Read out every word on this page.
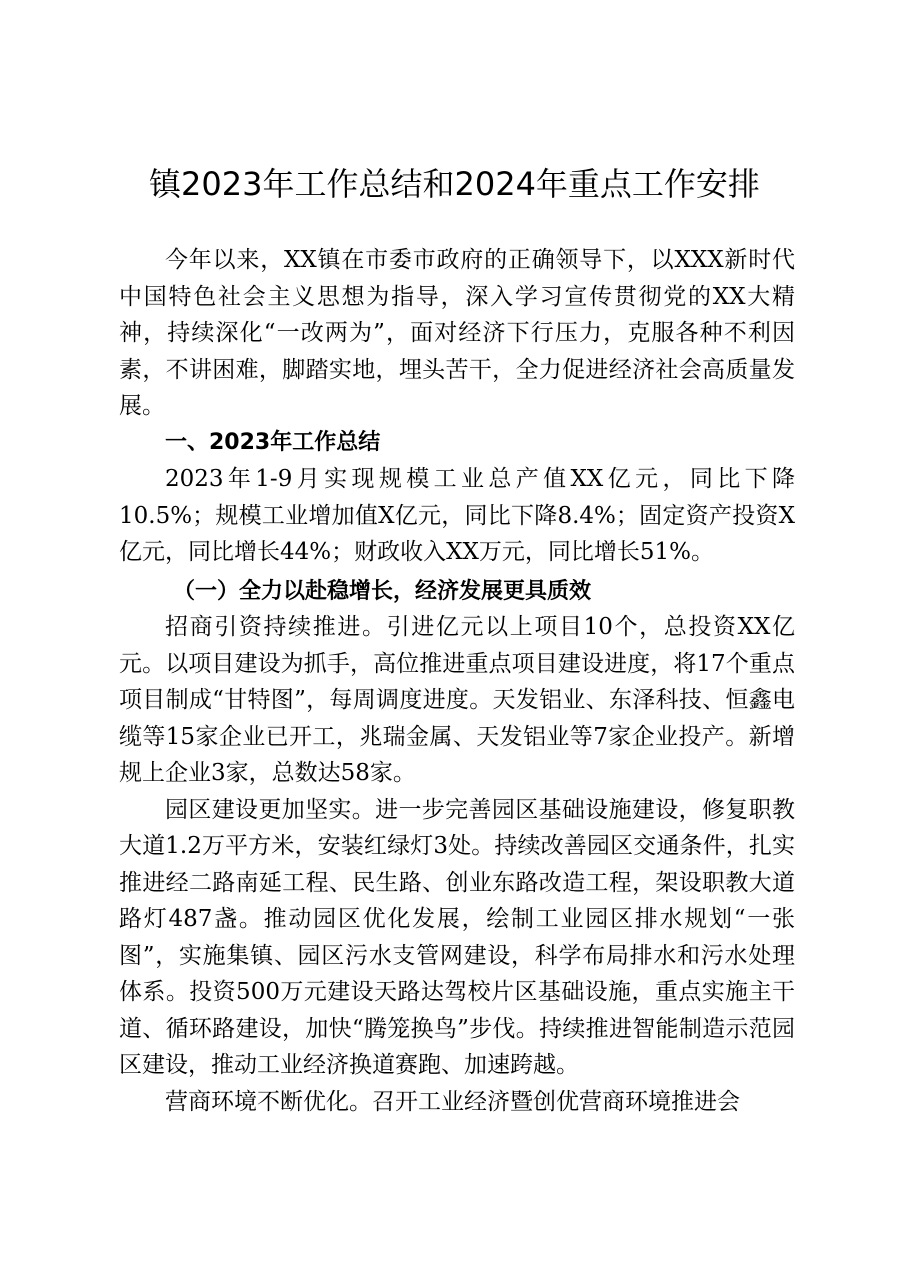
镇2023年工作总结和2024年重点工作安排

今年以来，XX镇在市委市政府的正确领导下，以XXX新时代中国特色社会主义思想为指导，深入学习宣传贯彻党的XX大精神，持续深化“一改两为”，面对经济下行压力，克服各种不利因素，不讲困难，脚踏实地，埋头苦干，全力促进经济社会高质量发展。

一、2023年工作总结

2023年1-9月实现规模工业总产值XX亿元，同比下降10.5%；规模工业增加值X亿元，同比下降8.4%；固定资产投资X亿元，同比增长44%；财政收入XX万元，同比增长51%。

（一）全力以赴稳增长，经济发展更具质效

招商引资持续推进。引进亿元以上项目10个，总投资XX亿元。以项目建设为抓手，高位推进重点项目建设进度，将17个重点项目制成“甘特图”，每周调度进度。天发铝业、东泽科技、恒鑫电缆等15家企业已开工，兆瑞金属、天发铝业等7家企业投产。新增规上企业3家，总数达58家。

园区建设更加坚实。进一步完善园区基础设施建设，修复职教大道1.2万平方米，安装红绿灯3处。持续改善园区交通条件，扎实推进经二路南延工程、民生路、创业东路改造工程，架设职教大道路灯487盏。推动园区优化发展，绘制工业园区排水规划“一张图”，实施集镇、园区污水支管网建设，科学布局排水和污水处理体系。投资500万元建设天路达驾校片区基础设施，重点实施主干道、循环路建设，加快“腾笼换鸟”步伐。持续推进智能制造示范园区建设，推动工业经济换道赛跑、加速跨越。

营商环境不断优化。召开工业经济暨创优营商环境推进会
